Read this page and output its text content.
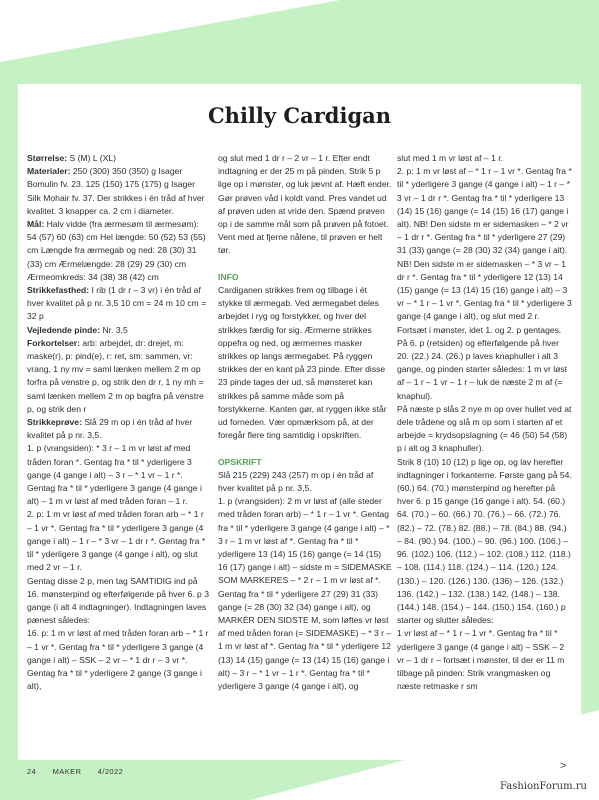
Chilly Cardigan

Størrelse: S (M) L (XL)

Materialer: 250 (300) 350 (350) g Isager Bomulin fv. 23. 125 (150) 175 (175) g Isager Silk Mohair fv. 37. Der strikkes i én tråd af hver kvalitet. 3 knapper ca. 2 cm i diameter.

Mål: Halv vidde (fra ærmesøm til ærmesøm): 54 (57) 60 (63) cm Hel længde: 50 (52) 53 (55) cm Længde fra ærmegab og ned: 28 (30) 31 (33) cm Ærmelængde: 28 (29) 29 (30) cm Ærmeomkreds: 34 (38) 38 (42) cm

Strikkefasthed: I rib (1 dr r – 3 vr) i én tråd af hver kvalitet på p nr. 3,5 10 cm = 24 m 10 cm = 32 p

Vejledende pinde: Nr. 3,5

Forkortelser: arb: arbejdet, dr: drejet, m: maske(r), p: pind(e), r: ret, sm: sammen, vr: vrang, 1 ny mv = saml lænken mellem 2 m op forfra på venstre p, og strik den dr r, 1 ny mh = saml lænken mellem 2 m op bagfra på venstre p, og strik den r

Strikkeprøve: Slå 29 m op i én tråd af hver kvalitet på p nr. 3,5.

1. p (vrangsiden): * 3 r – 1 m vr løst af med tråden foran *. Gentag fra * til * yderligere 3 gange (4 gange i alt) – 3 r – * 1 vr – 1 r *. Gentag fra * til * yderligere 3 gange (4 gange i alt) – 1 m vr løst af med tråden foran – 1 r.

2. p: 1 m vr løst af med tråden foran arb – * 1 r – 1 vr *. Gentag fra * til * yderligere 3 gange (4 gange i alt) – 1 r – * 3 vr – 1 dr r *. Gentag fra * til * yderligere 3 gange (4 gange i alt), og slut med 2 vr – 1 r.

Gentag disse 2 p, men tag SAMTIDIG ind på 16. mønsterpind og efterfølgende på hver 6. p 3 gange (i alt 4 indtagninger). Indtagningen laves pænest således:

16. p: 1 m vr løst af med tråden foran arb – * 1 r – 1 vr *. Gentag fra * til * yderligere 3 gange (4 gange i alt) – SSK – 2 vr – * 1 dr r – 3 vr *. Gentag fra * til * yderligere 2 gange (3 gange i alt),

og slut med 1 dr r – 2 vr – 1 r. Efter endt indtagning er der 25 m på pinden. Strik 5 p lige op i mønster, og luk jævnt af. Hæft ender. Gør prøven våd i koldt vand. Pres vandet ud af prøven uden at vride den. Spænd prøven op i de samme mål som på prøven på fotoet. Vent med at fjerne nålene, til prøven er helt tør.

INFO

Cardiganen strikkes frem og tilbage i ét stykke til ærmegab. Ved ærmegabet deles arbejdet i ryg og forstykker, og hver del strikkes færdig for sig. Ærmerne strikkes oppefra og ned, og ærmernes masker strikkes op langs ærmegabet. På ryggen strikkes der en kant på 23 pinde. Efter disse 23 pinde tages der ud, så mønsteret kan strikkes på samme måde som på forstykkerne. Kanten gør, at ryggen ikke står ud forneden. Vær opmærksom på, at der foregår flere ting samtidig i opskriften.

OPSKRIFT

Slå 215 (229) 243 (257) m op i én tråd af hver kvalitet på p nr. 3,5.

1. p (vrangsiden): 2 m vr løst af (alle steder med tråden foran arb) – * 1 r – 1 vr *. Gentag fra * til * yderligere 3 gange (4 gange i alt) – * 3 r – 1 m vr løst af *. Gentag fra * til * yderligere 13 (14) 15 (16) gange (= 14 (15) 16 (17) gange i alt) – sidste m = SIDEMASKE SOM MARKERES – * 2 r – 1 m vr løst af *. Gentag fra * til * yderligere 27 (29) 31 (33) gange (= 28 (30) 32 (34) gange i alt), og MARKÉR DEN SIDSTE M, som løftes vr løst af med tråden foran (= SIDEMASKE) – * 3 r – 1 m vr løst af *. Gentag fra * til * yderligere 12 (13) 14 (15) gange (= 13 (14) 15 (16) gange i alt) – 3 r – * 1 vr – 1 r *. Gentag fra * til * yderligere 3 gange (4 gange i alt), og

slut med 1 m vr løst af – 1 r.

2. p: 1 m vr løst af – * 1 r – 1 vr *. Gentag fra * til * yderligere 3 gange (4 gange i alt) – 1 r – * 3 vr – 1 dr r *. Gentag fra * til * yderligere 13 (14) 15 (16) gange (= 14 (15) 16 (17) gange i alt). NB! Den sidste m er sidemasken – * 2 vr – 1 dr r *. Gentag fra * til * yderligere 27 (29) 31 (33) gange (= 28 (30) 32 (34) gange i alt). NB! Den sidste m er sidemasken – * 3 vr – 1 dr r *. Gentag fra * til * yderligere 12 (13) 14 (15) gange (= 13 (14) 15 (16) gange i alt) – 3 vr – * 1 r – 1 vr *. Gentag fra * til * yderligere 3 gange (4 gange i alt), og slut med 2 r.

Fortsæt i mønster, idet 1. og 2. p gentages.

På 6. p (retsiden) og efterfølgende på hver 20. (22.) 24. (26.) p laves knaphuller i alt 3 gange, og pinden starter således: 1 m vr løst af – 1 r – 1 vr – 1 r – luk de næste 2 m af (= knaphul).

På næste p slås 2 nye m op over hullet ved at dele trådene og slå m op som i starten af et arbejde = krydsopslagning (= 46 (50) 54 (58) p i alt og 3 knaphuller).

Strik 8 (10) 10 (12) p lige op, og lav herefter indtagninger i forkanterne. Første gang på 54. (60.) 64. (70.) mønsterpind og herefter på hver 6. p 15 gange (16 gange i alt). 54. (60.) 64. (70.) – 60. (66.) 70. (76.) – 66. (72.) 76. (82.) – 72. (78.) 82. (88.) – 78. (84.) 88. (94.) – 84. (90.) 94. (100.) – 90. (96.) 100. (106.) – 96. (102.) 106. (112.) – 102. (108.) 112. (118.) – 108. (114.) 118. (124.) – 114. (120.) 124. (130.) – 120. (126.) 130. (136) – 126. (132.) 136. (142.) – 132. (138.) 142. (148.) – 138. (144.) 148. (154.) – 144. (150.) 154. (160.) p starter og slutter således:

1 vr løst af – * 1 r – 1 vr *. Gentag fra * til * yderligere 3 gange (4 gange i alt) – SSK – 2 vr – 1 dr r – fortsæt i mønster, til der er 11 m tilbage på pinden: Strik vrangmasken og næste retmaske r sm

>
24 MAKER 4/2022
FashionForum.ru
